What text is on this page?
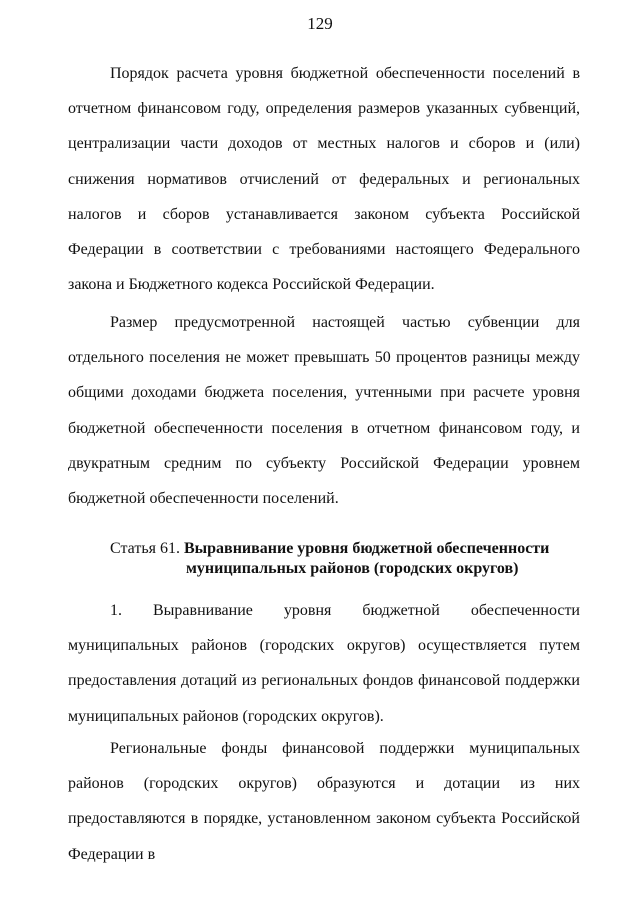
129

Порядок расчета уровня бюджетной обеспеченности поселений в отчетном финансовом году, определения размеров указанных субвенций, централизации части доходов от местных налогов и сборов и (или) снижения нормативов отчислений от федеральных и региональных налогов и сборов устанавливается законом субъекта Российской Федерации в соответствии с требованиями настоящего Федерального закона и Бюджетного кодекса Российской Федерации.

Размер предусмотренной настоящей частью субвенции для отдельного поселения не может превышать 50 процентов разницы между общими доходами бюджета поселения, учтенными при расчете уровня бюджетной обеспеченности поселения в отчетном финансовом году, и двукратным средним по субъекту Российской Федерации уровнем бюджетной обеспеченности поселений.

Статья 61. Выравнивание уровня бюджетной обеспеченности
муниципальных районов (городских округов)

1. Выравнивание уровня бюджетной обеспеченности муниципальных районов (городских округов) осуществляется путем предоставления дотаций из региональных фондов финансовой поддержки муниципальных районов (городских округов).

Региональные фонды финансовой поддержки муниципальных районов (городских округов) образуются и дотации из них предоставляются в порядке, установленном законом субъекта Российской Федерации в
